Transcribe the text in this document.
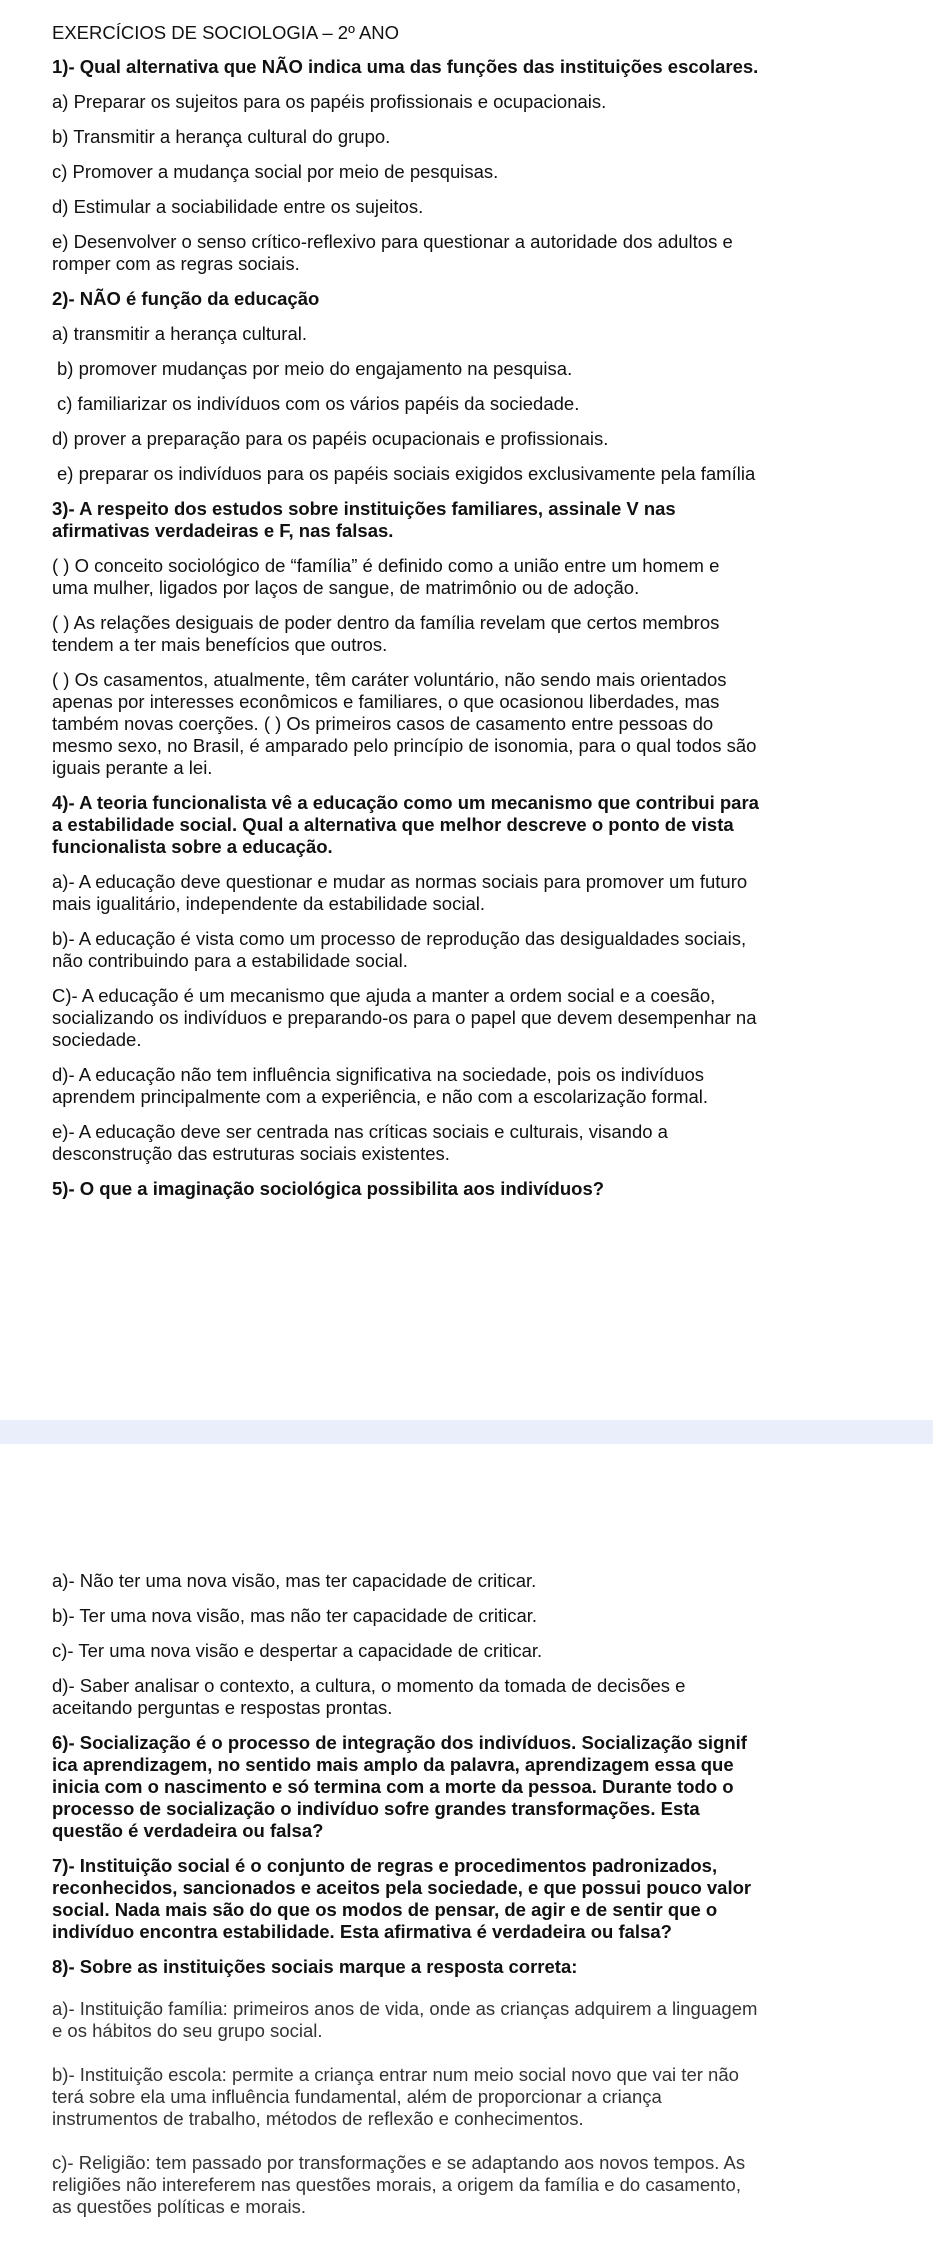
EXERCÍCIOS DE SOCIOLOGIA – 2º ANO

1)- Qual alternativa que NÃO indica uma das funções das instituições escolares.

a) Preparar os sujeitos para os papéis profissionais e ocupacionais.

b) Transmitir a herança cultural do grupo.

c) Promover a mudança social por meio de pesquisas.

d) Estimular a sociabilidade entre os sujeitos.

e) Desenvolver o senso crítico-reflexivo para questionar a autoridade dos adultos e
romper com as regras sociais.

2)- NÃO é função da educação

a) transmitir a herança cultural.

b) promover mudanças por meio do engajamento na pesquisa.

c) familiarizar os indivíduos com os vários papéis da sociedade.

d) prover a preparação para os papéis ocupacionais e profissionais.

e) preparar os indivíduos para os papéis sociais exigidos exclusivamente pela família

3)- A respeito dos estudos sobre instituições familiares, assinale V nas
afirmativas verdadeiras e F, nas falsas.

( ) O conceito sociológico de “família” é definido como a união entre um homem e
uma mulher, ligados por laços de sangue, de matrimônio ou de adoção.

( ) As relações desiguais de poder dentro da família revelam que certos membros
tendem a ter mais benefícios que outros.

( ) Os casamentos, atualmente, têm caráter voluntário, não sendo mais orientados
apenas por interesses econômicos e familiares, o que ocasionou liberdades, mas
também novas coerções. ( ) Os primeiros casos de casamento entre pessoas do
mesmo sexo, no Brasil, é amparado pelo princípio de isonomia, para o qual todos são
iguais perante a lei.

4)- A teoria funcionalista vê a educação como um mecanismo que contribui para
a estabilidade social. Qual a alternativa que melhor descreve o ponto de vista
funcionalista sobre a educação.

a)- A educação deve questionar e mudar as normas sociais para promover um futuro
mais igualitário, independente da estabilidade social.

b)- A educação é vista como um processo de reprodução das desigualdades sociais,
não contribuindo para a estabilidade social.

C)- A educação é um mecanismo que ajuda a manter a ordem social e a coesão,
socializando os indivíduos e preparando-os para o papel que devem desempenhar na
sociedade.

d)- A educação não tem influência significativa na sociedade, pois os indivíduos
aprendem principalmente com a experiência, e não com a escolarização formal.

e)- A educação deve ser centrada nas críticas sociais e culturais, visando a
desconstrução das estruturas sociais existentes.

5)- O que a imaginação sociológica possibilita aos indivíduos?

a)- Não ter uma nova visão, mas ter capacidade de criticar.

b)- Ter uma nova visão, mas não ter capacidade de criticar.

c)- Ter uma nova visão e despertar a capacidade de criticar.

d)- Saber analisar o contexto, a cultura, o momento da tomada de decisões e
aceitando perguntas e respostas prontas.

6)- Socialização é o processo de integração dos indivíduos. Socialização signif
ica aprendizagem, no sentido mais amplo da palavra, aprendizagem essa que
inicia com o nascimento e só termina com a morte da pessoa. Durante todo o
processo de socialização o indivíduo sofre grandes transformações. Esta
questão é verdadeira ou falsa?

7)- Instituição social é o conjunto de regras e procedimentos padronizados,
reconhecidos, sancionados e aceitos pela sociedade, e que possui pouco valor
social. Nada mais são do que os modos de pensar, de agir e de sentir que o
indivíduo encontra estabilidade. Esta afirmativa é verdadeira ou falsa?

8)- Sobre as instituições sociais marque a resposta correta:

a)- Instituição família: primeiros anos de vida, onde as crianças adquirem a linguagem
e os hábitos do seu grupo social.

b)- Instituição escola: permite a criança entrar num meio social novo que vai ter não
terá sobre ela uma influência fundamental, além de proporcionar a criança
instrumentos de trabalho, métodos de reflexão e conhecimentos.

c)- Religião: tem passado por transformações e se adaptando aos novos tempos. As
religiões não intereferem nas questões morais, a origem da família e do casamento,
as questões políticas e morais.
